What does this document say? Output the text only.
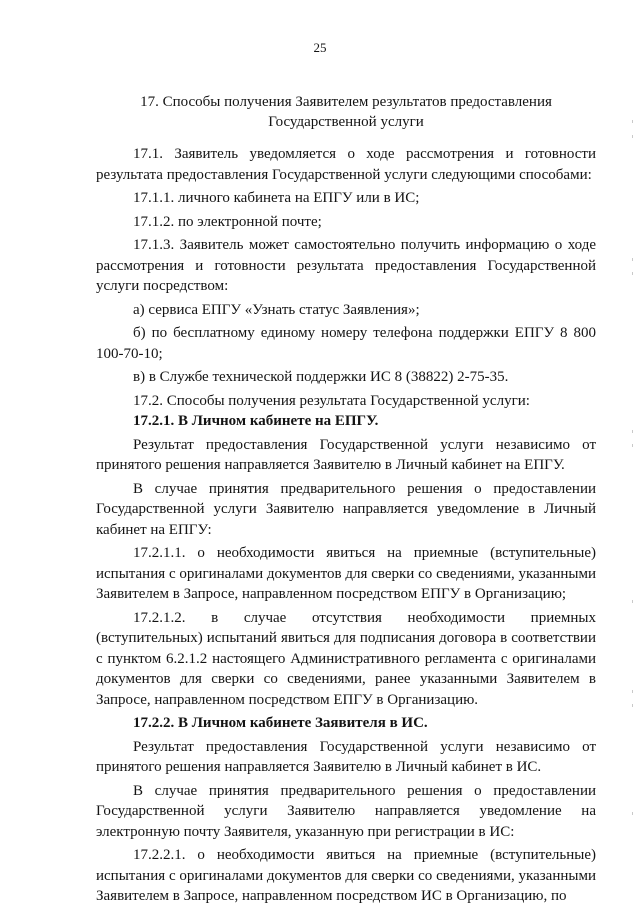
25
17. Способы получения Заявителем результатов предоставления
Государственной услуги

17.1. Заявитель уведомляется о ходе рассмотрения и готовности результата предоставления Государственной услуги следующими способами:

17.1.1. личного кабинета на ЕПГУ или в ИС;

17.1.2. по электронной почте;

17.1.3. Заявитель может самостоятельно получить информацию о ходе рассмотрения и готовности результата предоставления Государственной услуги посредством:

а) сервиса ЕПГУ «Узнать статус Заявления»;

б) по бесплатному единому номеру телефона поддержки ЕПГУ 8 800 100-70-10;

в) в Службе технической поддержки ИС 8 (38822) 2-75-35.

17.2. Способы получения результата Государственной услуги:

17.2.1. В Личном кабинете на ЕПГУ.

Результат предоставления Государственной услуги независимо от принятого решения направляется Заявителю в Личный кабинет на ЕПГУ.

В случае принятия предварительного решения о предоставлении Государственной услуги Заявителю направляется уведомление в Личный кабинет на ЕПГУ:

17.2.1.1. о необходимости явиться на приемные (вступительные) испытания с оригиналами документов для сверки со сведениями, указанными Заявителем в Запросе, направленном посредством ЕПГУ в Организацию;

17.2.1.2. в случае отсутствия необходимости приемных (вступительных) испытаний явиться для подписания договора в соответствии с пунктом 6.2.1.2 настоящего Административного регламента с оригиналами документов для сверки со сведениями, ранее указанными Заявителем в Запросе, направленном посредством ЕПГУ в Организацию.

17.2.2. В Личном кабинете Заявителя в ИС.

Результат предоставления Государственной услуги независимо от принятого решения направляется Заявителю в Личный кабинет в ИС.

В случае принятия предварительного решения о предоставлении Государственной услуги Заявителю направляется уведомление на электронную почту Заявителя, указанную при регистрации в ИС:

17.2.2.1. о необходимости явиться на приемные (вступительные) испытания с оригиналами документов для сверки со сведениями, указанными Заявителем в Запросе, направленном посредством ИС в Организацию, по
